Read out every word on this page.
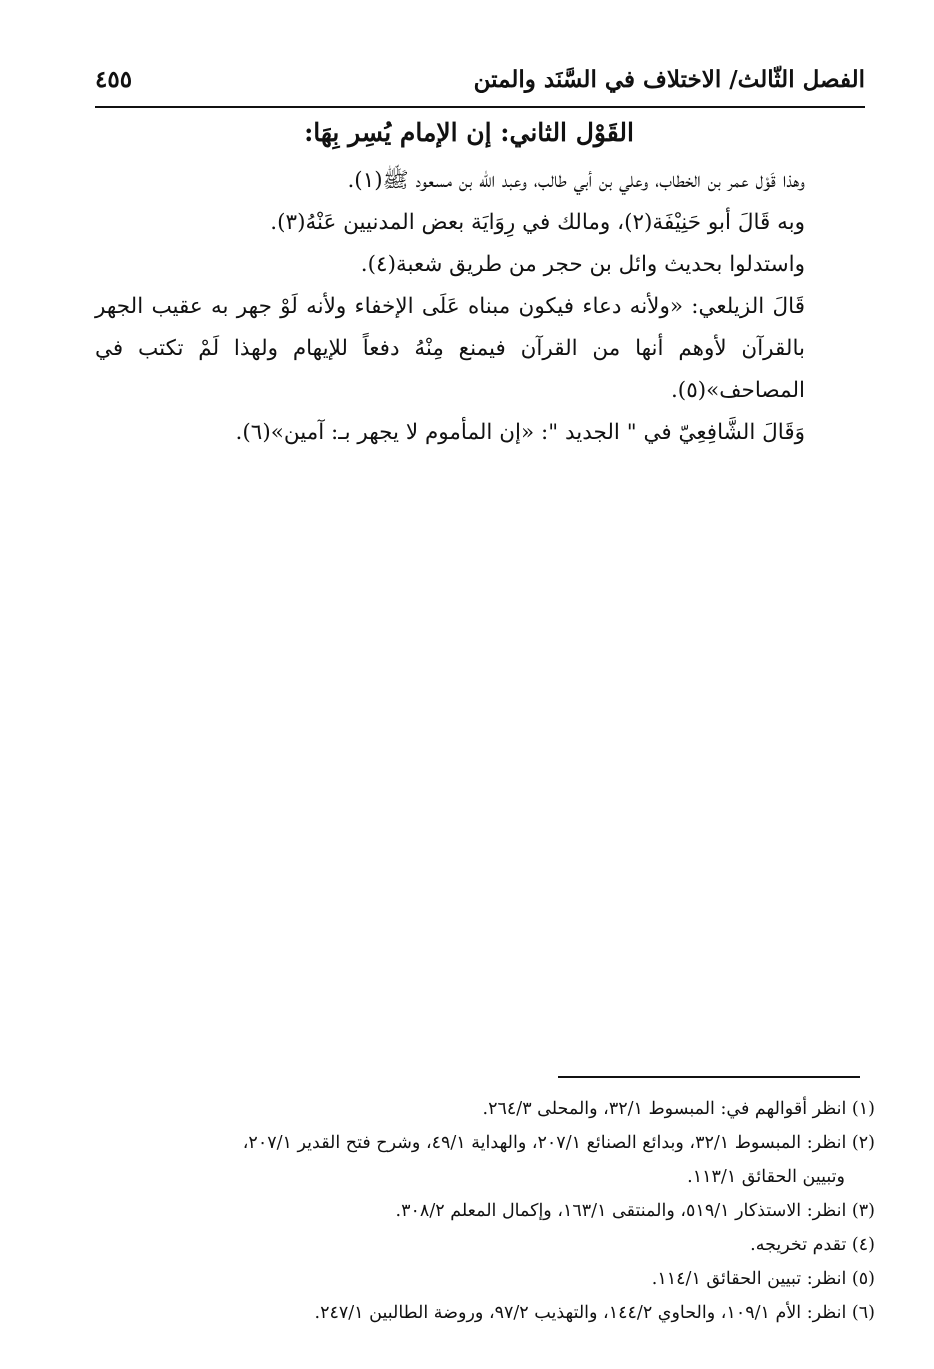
الفصل الثّالث/ الاختلاف في السَّنَد والمتن
٤٥٥
القَوْل الثاني: إن الإمام يُسِر بِهَا:

وهذا قَوْل عمر بن الخطاب، وعلي بن أبي طالب، وعبد الله بن مسعود ﷺ(١).

وبه قَالَ أبو حَنِيْفَة(٢)، ومالك في رِوَايَة بعض المدنيين عَنْهُ(٣).

واستدلوا بحديث وائل بن حجر من طريق شعبة(٤).

قَالَ الزيلعي: «ولأنه دعاء فيكون مبناه عَلَى الإخفاء ولأنه لَوْ جهر به عقيب الجهر بالقرآن لأوهم أنها من القرآن فيمنع مِنْهُ دفعاً للإيهام ولهذا لَمْ تكتب في المصاحف»(٥).

وَقَالَ الشَّافِعِيّ في " الجديد ": «إن المأموم لا يجهر بـ: آمين»(٦).

(١) انظر أقوالهم في: المبسوط ٣٢/١، والمحلى ٢٦٤/٣.

(٢) انظر: المبسوط ٣٢/١، وبدائع الصنائع ٢٠٧/١، والهداية ٤٩/١، وشرح فتح القدير ٢٠٧/١،
وتبيين الحقائق ١١٣/١.

(٣) انظر: الاستذكار ٥١٩/١، والمنتقى ١٦٣/١، وإكمال المعلم ٣٠٨/٢.

(٤) تقدم تخريجه.

(٥) انظر: تبيين الحقائق ١١٤/١.

(٦) انظر: الأم ١٠٩/١، والحاوي ١٤٤/٢، والتهذيب ٩٧/٢، وروضة الطالبين ٢٤٧/١.
